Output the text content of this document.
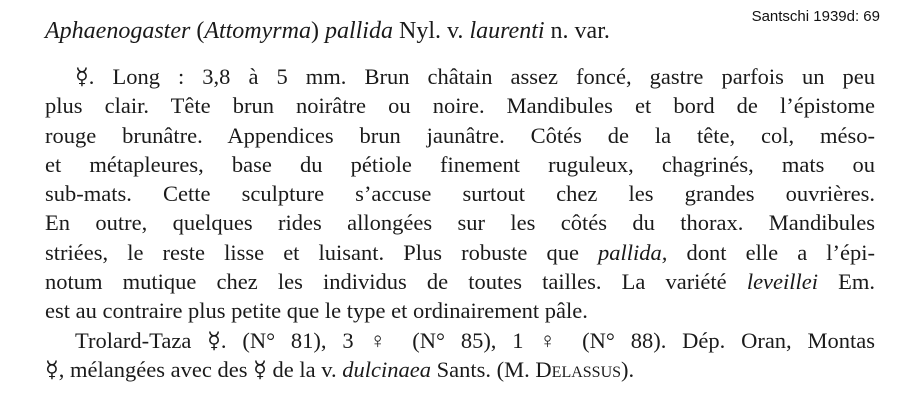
Santschi 1939d: 69
Aphaenogaster (Attomyrma) pallida Nyl. v. laurenti n. var.
☿. Long : 3,8 à 5 mm. Brun châtain assez foncé, gastre parfois un peu
plus clair. Tête brun noirâtre ou noire. Mandibules et bord de l’épistome
rouge brunâtre. Appendices brun jaunâtre. Côtés de la tête, col, méso-
et métapleures, base du pétiole finement ruguleux, chagrinés, mats ou
sub-mats. Cette sculpture s’accuse surtout chez les grandes ouvrières.
En outre, quelques rides allongées sur les côtés du thorax. Mandibules
striées, le reste lisse et luisant. Plus robuste que pallida, dont elle a l’épi-
notum mutique chez les individus de toutes tailles. La variété leveillei Em.
est au contraire plus petite que le type et ordinairement pâle.
Trolard-Taza ☿. (N° 81), 3 ♀ (N° 85), 1 ♀ (N° 88). Dép. Oran, Montas
☿, mélangées avec des ☿ de la v. dulcinaea Sants. (M. Delassus).
